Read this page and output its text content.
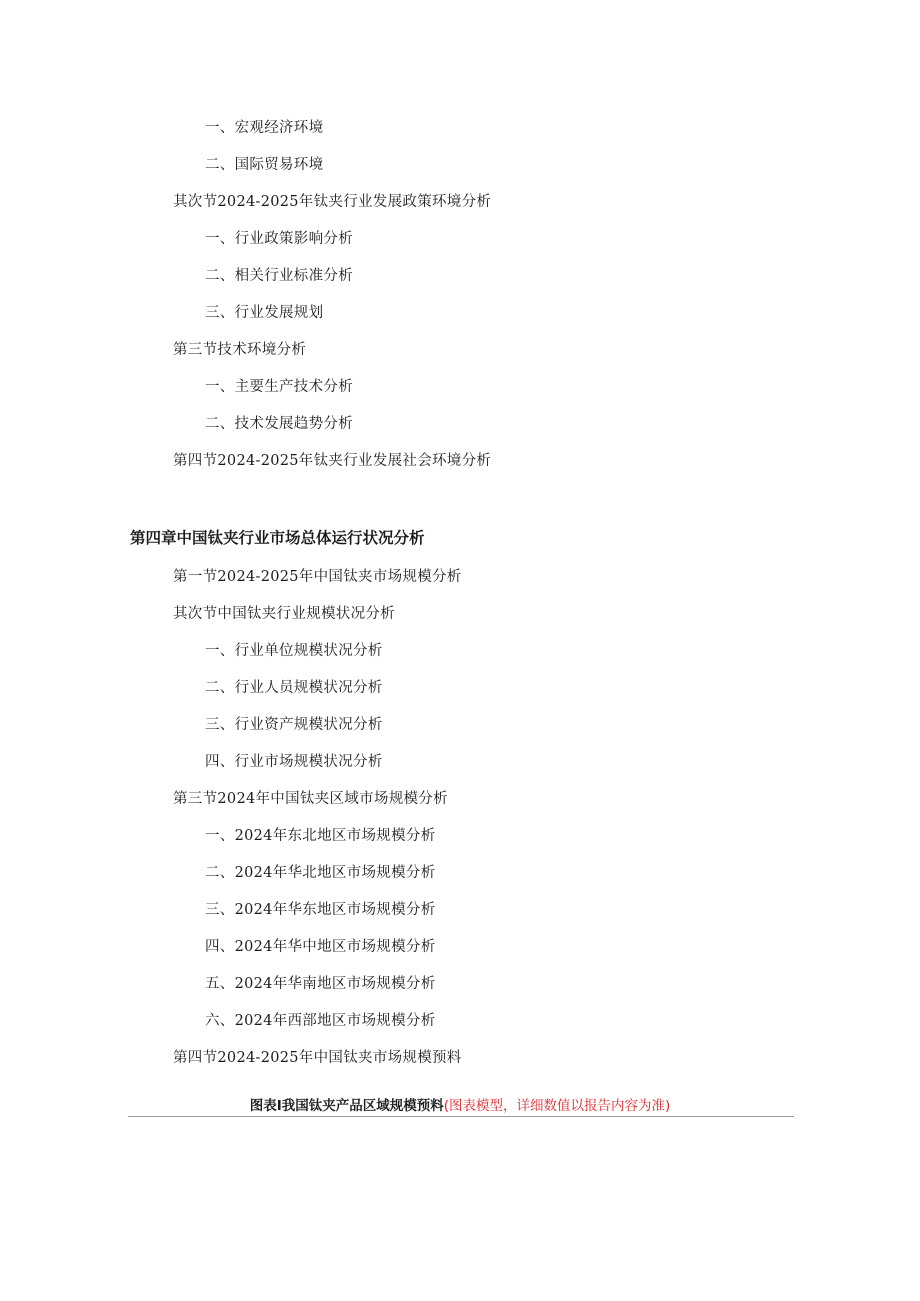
一、宏观经济环境
二、国际贸易环境
其次节2024-2025年钛夹行业发展政策环境分析
一、行业政策影响分析
二、相关行业标准分析
三、行业发展规划
第三节技术环境分析
一、主要生产技术分析
二、技术发展趋势分析
第四节2024-2025年钛夹行业发展社会环境分析
第四章中国钛夹行业市场总体运行状况分析
第一节2024-2025年中国钛夹市场规模分析
其次节中国钛夹行业规模状况分析
一、行业单位规模状况分析
二、行业人员规模状况分析
三、行业资产规模状况分析
四、行业市场规模状况分析
第三节2024年中国钛夹区域市场规模分析
一、2024年东北地区市场规模分析
二、2024年华北地区市场规模分析
三、2024年华东地区市场规模分析
四、2024年华中地区市场规模分析
五、2024年华南地区市场规模分析
六、2024年西部地区市场规模分析
第四节2024-2025年中国钛夹市场规模预料
图表I我国钛夹产品区域规模预料(图表模型，详细数值以报告内容为准)
